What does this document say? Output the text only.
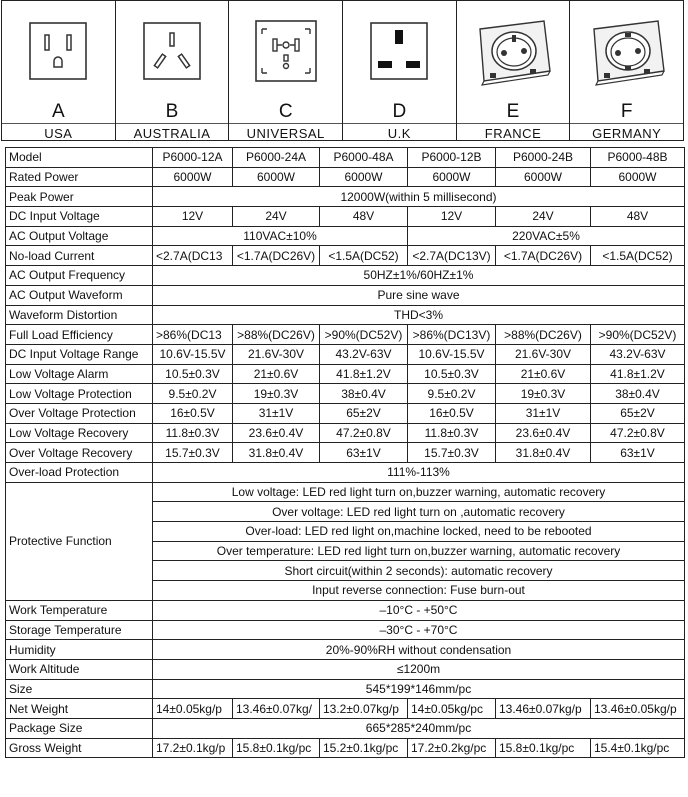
A
USA
B
AUSTRALIA
C
UNIVERSAL
D
U.K
E
FRANCE
F
GERMANY
Model	P6000-12A	P6000-24A	P6000-48A	P6000-12B	P6000-24B	P6000-48B
Rated Power	6000W	6000W	6000W	6000W	6000W	6000W
Peak Power	12000W(within 5 millisecond)					
DC Input Voltage	12V	24V	48V	12V	24V	48V
AC Output Voltage	110VAC±10%			220VAC±5%		
No-load Current	<2.7A(DC13	<1.7A(DC26V)	<1.5A(DC52)	<2.7A(DC13V)	<1.7A(DC26V)	<1.5A(DC52)
AC Output Frequency	50HZ±1%/60HZ±1%					
AC Output Waveform	Pure sine wave					
Waveform Distortion	THD<3%					
Full Load Efficiency	>86%(DC13	>88%(DC26V)	>90%(DC52V)	>86%(DC13V)	>88%(DC26V)	>90%(DC52V)
DC Input Voltage Range	10.6V-15.5V	21.6V-30V	43.2V-63V	10.6V-15.5V	21.6V-30V	43.2V-63V
Low Voltage Alarm	10.5±0.3V	21±0.6V	41.8±1.2V	10.5±0.3V	21±0.6V	41.8±1.2V
Low Voltage Protection	9.5±0.2V	19±0.3V	38±0.4V	9.5±0.2V	19±0.3V	38±0.4V
Over Voltage Protection	16±0.5V	31±1V	65±2V	16±0.5V	31±1V	65±2V
Low Voltage Recovery	11.8±0.3V	23.6±0.4V	47.2±0.8V	11.8±0.3V	23.6±0.4V	47.2±0.8V
Over Voltage Recovery	15.7±0.3V	31.8±0.4V	63±1V	15.7±0.3V	31.8±0.4V	63±1V
Over-load Protection	111%-113%					
Protective Function	Low voltage: LED red light turn on,buzzer warning, automatic recovery					
	Over voltage: LED red light turn on ,automatic recovery					
	Over-load: LED red light on,machine locked, need to be rebooted					
	Over temperature: LED red light turn on,buzzer warning, automatic recovery					
	Short circuit(within 2 seconds): automatic recovery					
	Input reverse connection: Fuse burn-out					
Work Temperature	–10°C - +50°C					
Storage Temperature	–30°C - +70°C					
Humidity	20%-90%RH without condensation					
Work Altitude	≤1200m					
Size	545*199*146mm/pc					
Net Weight	14±0.05kg/p	13.46±0.07kg/	13.2±0.07kg/p	14±0.05kg/pc	13.46±0.07kg/p	13.46±0.05kg/p
Package Size	665*285*240mm/pc					
Gross Weight	17.2±0.1kg/p	15.8±0.1kg/pc	15.2±0.1kg/pc	17.2±0.2kg/pc	15.8±0.1kg/pc	15.4±0.1kg/pc
